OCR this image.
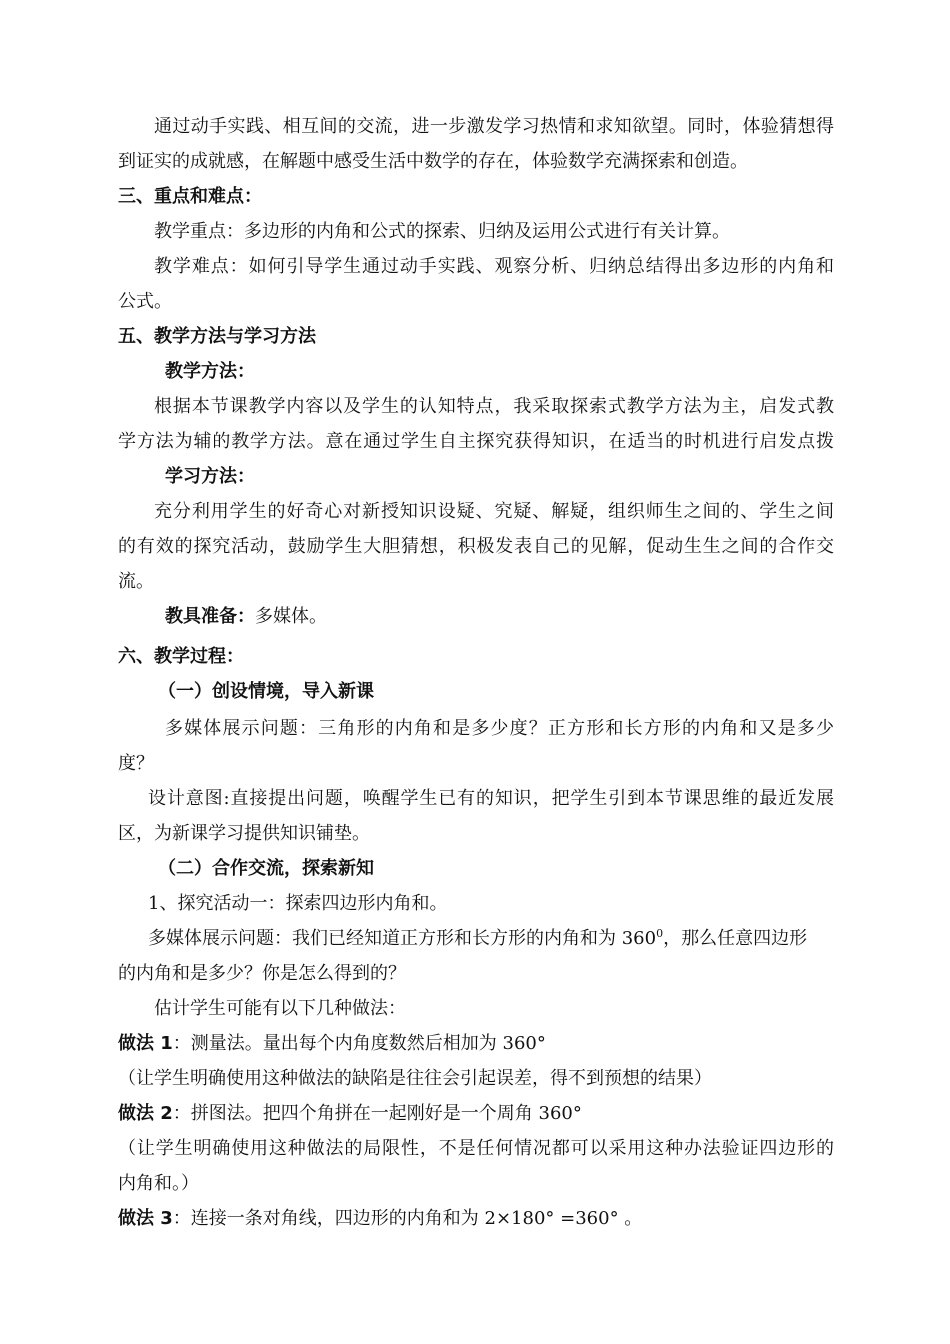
通过动手实践、相互间的交流，进一步激发学习热情和求知欲望。同时，体验猜想得
到证实的成就感，在解题中感受生活中数学的存在，体验数学充满探索和创造。
三、重点和难点：
教学重点：多边形的内角和公式的探索、归纳及运用公式进行有关计算。
教学难点：如何引导学生通过动手实践、观察分析、归纳总结得出多边形的内角和
公式。
五、教学方法与学习方法
教学方法：
根据本节课教学内容以及学生的认知特点，我采取探索式教学方法为主，启发式教
学方法为辅的教学方法。意在通过学生自主探究获得知识，在适当的时机进行启发点拨
学习方法：
充分利用学生的好奇心对新授知识设疑、究疑、解疑，组织师生之间的、学生之间
的有效的探究活动，鼓励学生大胆猜想，积极发表自己的见解，促动生生之间的合作交
流。
教具准备：多媒体。
六、教学过程：
（一）创设情境，导入新课
多媒体展示问题：三角形的内角和是多少度？正方形和长方形的内角和又是多少
度？
设计意图:直接提出问题，唤醒学生已有的知识，把学生引到本节课思维的最近发展
区，为新课学习提供知识铺垫。
（二）合作交流，探索新知
1、探究活动一：探索四边形内角和。
多媒体展示问题：我们已经知道正方形和长方形的内角和为 $360^0$，那么任意四边形
的内角和是多少？你是怎么得到的？
估计学生可能有以下几种做法：
做法 1：测量法。量出每个内角度数然后相加为 360°
（让学生明确使用这种做法的缺陷是往往会引起误差，得不到预想的结果）
做法 2：拼图法。把四个角拼在一起刚好是一个周角 360°
（让学生明确使用这种做法的局限性，不是任何情况都可以采用这种办法验证四边形的
内角和。）
做法 3：连接一条对角线，四边形的内角和为 2×180° =360° 。
